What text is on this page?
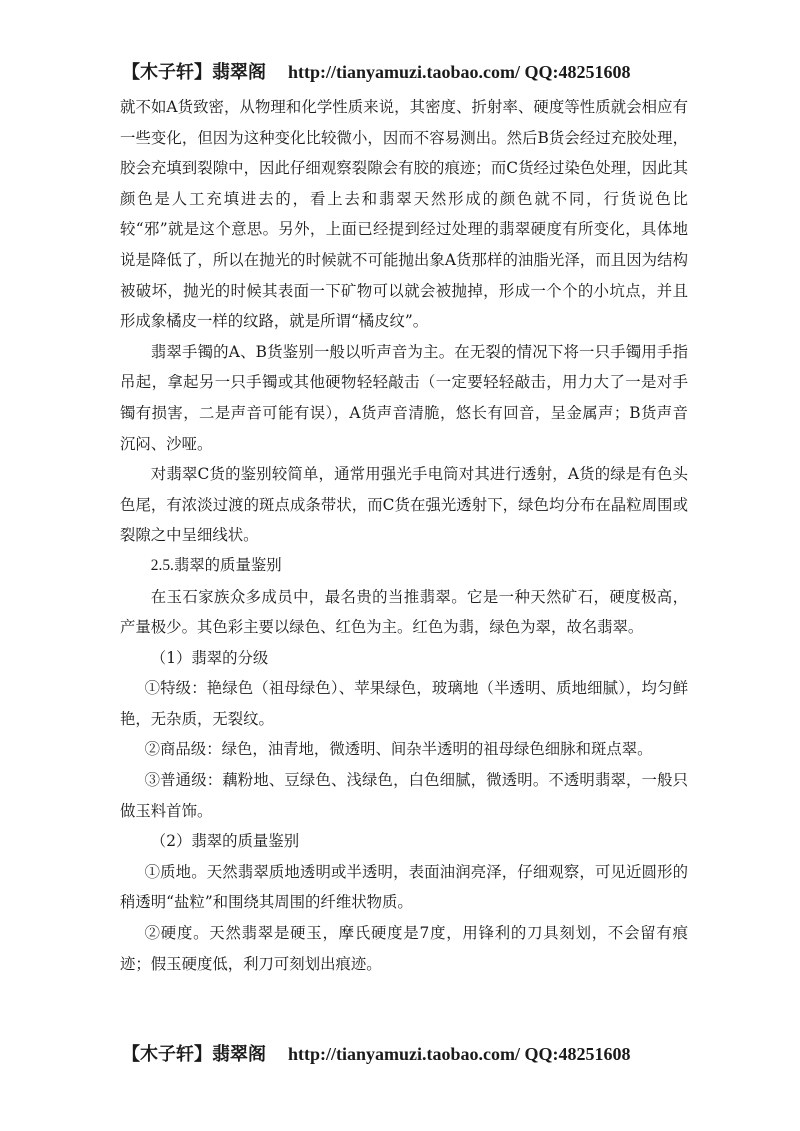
【木子轩】翡翠阁 http://tianyamuzi.taobao.com/ QQ:48251608

就不如A货致密，从物理和化学性质来说，其密度、折射率、硬度等性质就会相应有一些变化，但因为这种变化比较微小，因而不容易测出。然后B货会经过充胶处理，胶会充填到裂隙中，因此仔细观察裂隙会有胶的痕迹；而C货经过染色处理，因此其颜色是人工充填进去的，看上去和翡翠天然形成的颜色就不同，行货说色比较“邪”就是这个意思。另外，上面已经提到经过处理的翡翠硬度有所变化，具体地说是降低了，所以在抛光的时候就不可能抛出象A货那样的油脂光泽，而且因为结构被破坏，抛光的时候其表面一下矿物可以就会被抛掉，形成一个个的小坑点，并且形成象橘皮一样的纹路，就是所谓“橘皮纹”。

翡翠手镯的A、B货鉴别一般以听声音为主。在无裂的情况下将一只手镯用手指吊起，拿起另一只手镯或其他硬物轻轻敲击（一定要轻轻敲击，用力大了一是对手镯有损害，二是声音可能有误），A货声音清脆，悠长有回音，呈金属声；B货声音沉闷、沙哑。

对翡翠C货的鉴别较简单，通常用强光手电筒对其进行透射，A货的绿是有色头色尾，有浓淡过渡的斑点成条带状，而C货在强光透射下，绿色均分布在晶粒周围或裂隙之中呈细线状。

2.5.翡翠的质量鉴别

在玉石家族众多成员中，最名贵的当推翡翠。它是一种天然矿石，硬度极高，产量极少。其色彩主要以绿色、红色为主。红色为翡，绿色为翠，故名翡翠。

（1）翡翠的分级

①特级：艳绿色（祖母绿色）、苹果绿色，玻璃地（半透明、质地细腻），均匀鲜艳，无杂质，无裂纹。

②商品级：绿色，油青地，微透明、间杂半透明的祖母绿色细脉和斑点翠。

③普通级：藕粉地、豆绿色、浅绿色，白色细腻，微透明。不透明翡翠，一般只做玉料首饰。

（2）翡翠的质量鉴别

①质地。天然翡翠质地透明或半透明，表面油润亮泽，仔细观察，可见近圆形的稍透明“盐粒”和围绕其周围的纤维状物质。

②硬度。天然翡翠是硬玉，摩氏硬度是7度，用锋利的刀具刻划，不会留有痕迹；假玉硬度低，利刀可刻划出痕迹。

【木子轩】翡翠阁 http://tianyamuzi.taobao.com/ QQ:48251608
